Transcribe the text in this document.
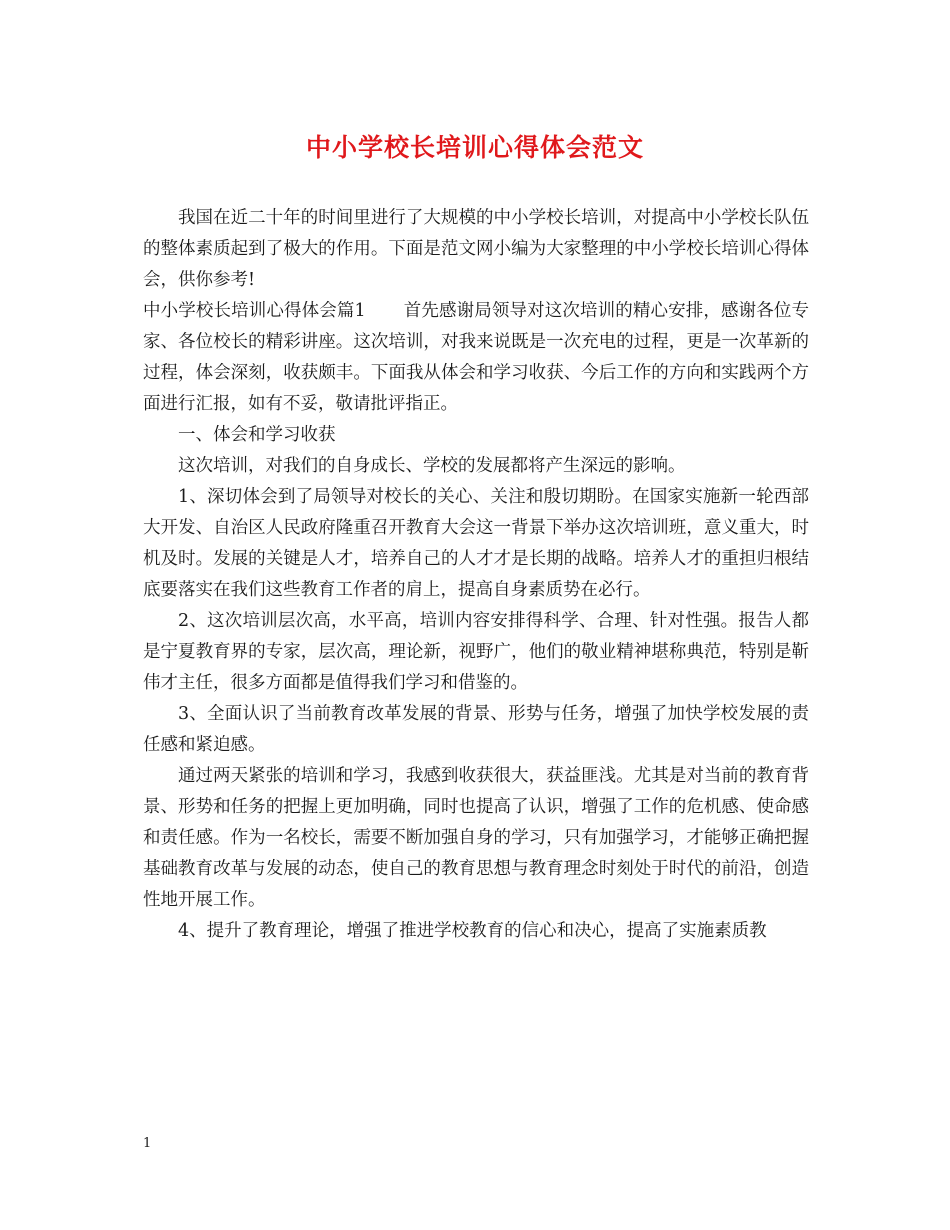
中小学校长培训心得体会范文

我国在近二十年的时间里进行了大规模的中小学校长培训，对提高中小学校长队伍的整体素质起到了极大的作用。下面是范文网小编为大家整理的中小学校长培训心得体会，供你参考!

中小学校长培训心得体会篇1 首先感谢局领导对这次培训的精心安排，感谢各位专家、各位校长的精彩讲座。这次培训，对我来说既是一次充电的过程，更是一次革新的过程，体会深刻，收获颇丰。下面我从体会和学习收获、今后工作的方向和实践两个方面进行汇报，如有不妥，敬请批评指正。

一、体会和学习收获

这次培训，对我们的自身成长、学校的发展都将产生深远的影响。

1、深切体会到了局领导对校长的关心、关注和殷切期盼。在国家实施新一轮西部大开发、自治区人民政府隆重召开教育大会这一背景下举办这次培训班，意义重大，时机及时。发展的关键是人才，培养自己的人才才是长期的战略。培养人才的重担归根结底要落实在我们这些教育工作者的肩上，提高自身素质势在必行。

2、这次培训层次高，水平高，培训内容安排得科学、合理、针对性强。报告人都是宁夏教育界的专家，层次高，理论新，视野广，他们的敬业精神堪称典范，特别是靳伟才主任，很多方面都是值得我们学习和借鉴的。

3、全面认识了当前教育改革发展的背景、形势与任务，增强了加快学校发展的责任感和紧迫感。

通过两天紧张的培训和学习，我感到收获很大，获益匪浅。尤其是对当前的教育背景、形势和任务的把握上更加明确，同时也提高了认识，增强了工作的危机感、使命感和责任感。作为一名校长，需要不断加强自身的学习，只有加强学习，才能够正确把握基础教育改革与发展的动态，使自己的教育思想与教育理念时刻处于时代的前沿，创造性地开展工作。

4、提升了教育理论，增强了推进学校教育的信心和决心，提高了实施素质教

1
